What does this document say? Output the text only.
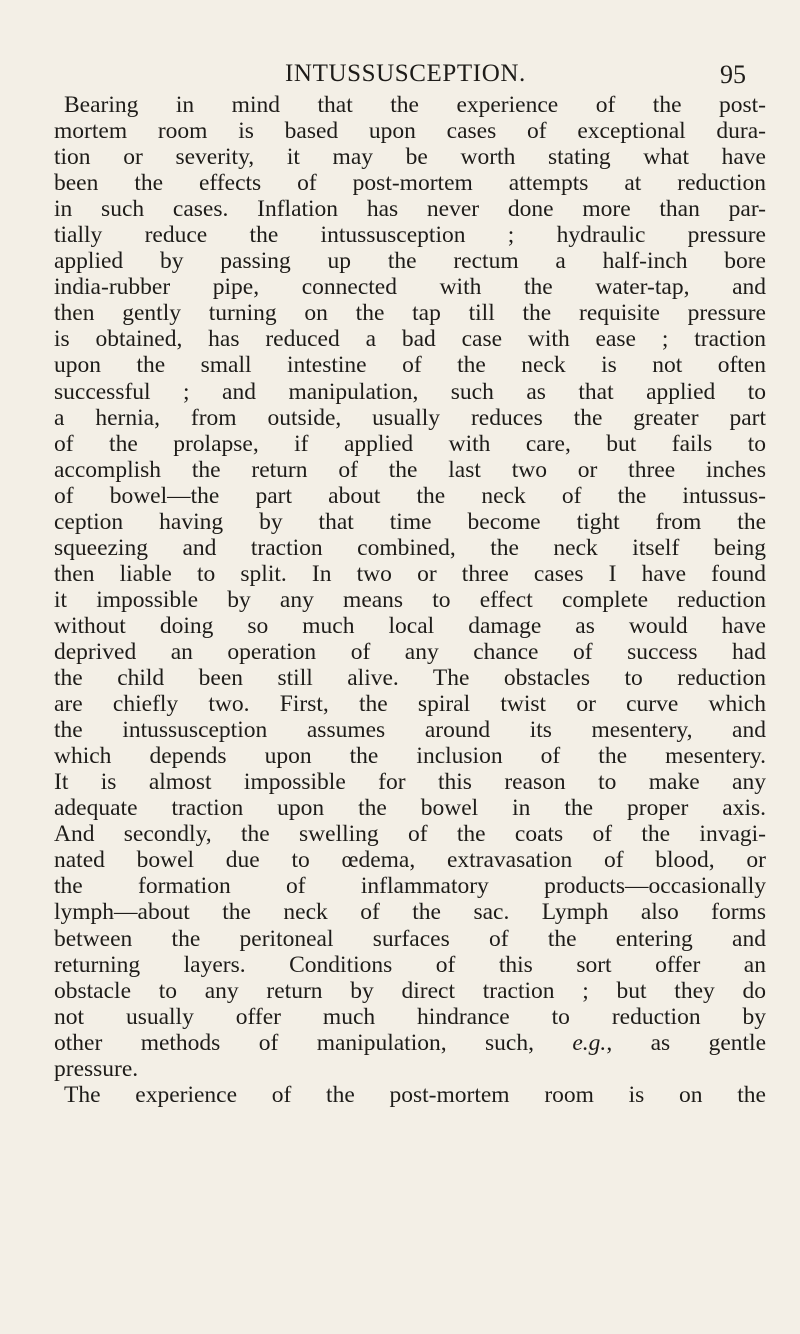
INTUSSUSCEPTION.	95
Bearing in mind that the experience of the post-
mortem room is based upon cases of exceptional dura-
tion or severity, it may be worth stating what have
been the effects of post-mortem attempts at reduction
in such cases. Inflation has never done more than par-
tially reduce the intussusception ; hydraulic pressure
applied by passing up the rectum a half-inch bore
india-rubber pipe, connected with the water-tap, and
then gently turning on the tap till the requisite pressure
is obtained, has reduced a bad case with ease ; traction
upon the small intestine of the neck is not often
successful ; and manipulation, such as that applied to
a hernia, from outside, usually reduces the greater part
of the prolapse, if applied with care, but fails to
accomplish the return of the last two or three inches
of bowel—the part about the neck of the intussus-
ception having by that time become tight from the
squeezing and traction combined, the neck itself being
then liable to split. In two or three cases I have found
it impossible by any means to effect complete reduction
without doing so much local damage as would have
deprived an operation of any chance of success had
the child been still alive. The obstacles to reduction
are chiefly two. First, the spiral twist or curve which
the intussusception assumes around its mesentery, and
which depends upon the inclusion of the mesentery.
It is almost impossible for this reason to make any
adequate traction upon the bowel in the proper axis.
And secondly, the swelling of the coats of the invagi-
nated bowel due to œdema, extravasation of blood, or
the formation of inflammatory products—occasionally
lymph—about the neck of the sac. Lymph also forms
between the peritoneal surfaces of the entering and
returning layers. Conditions of this sort offer an
obstacle to any return by direct traction ; but they do
not usually offer much hindrance to reduction by
other methods of manipulation, such, e.g., as gentle
pressure.
The experience of the post-mortem room is on the
